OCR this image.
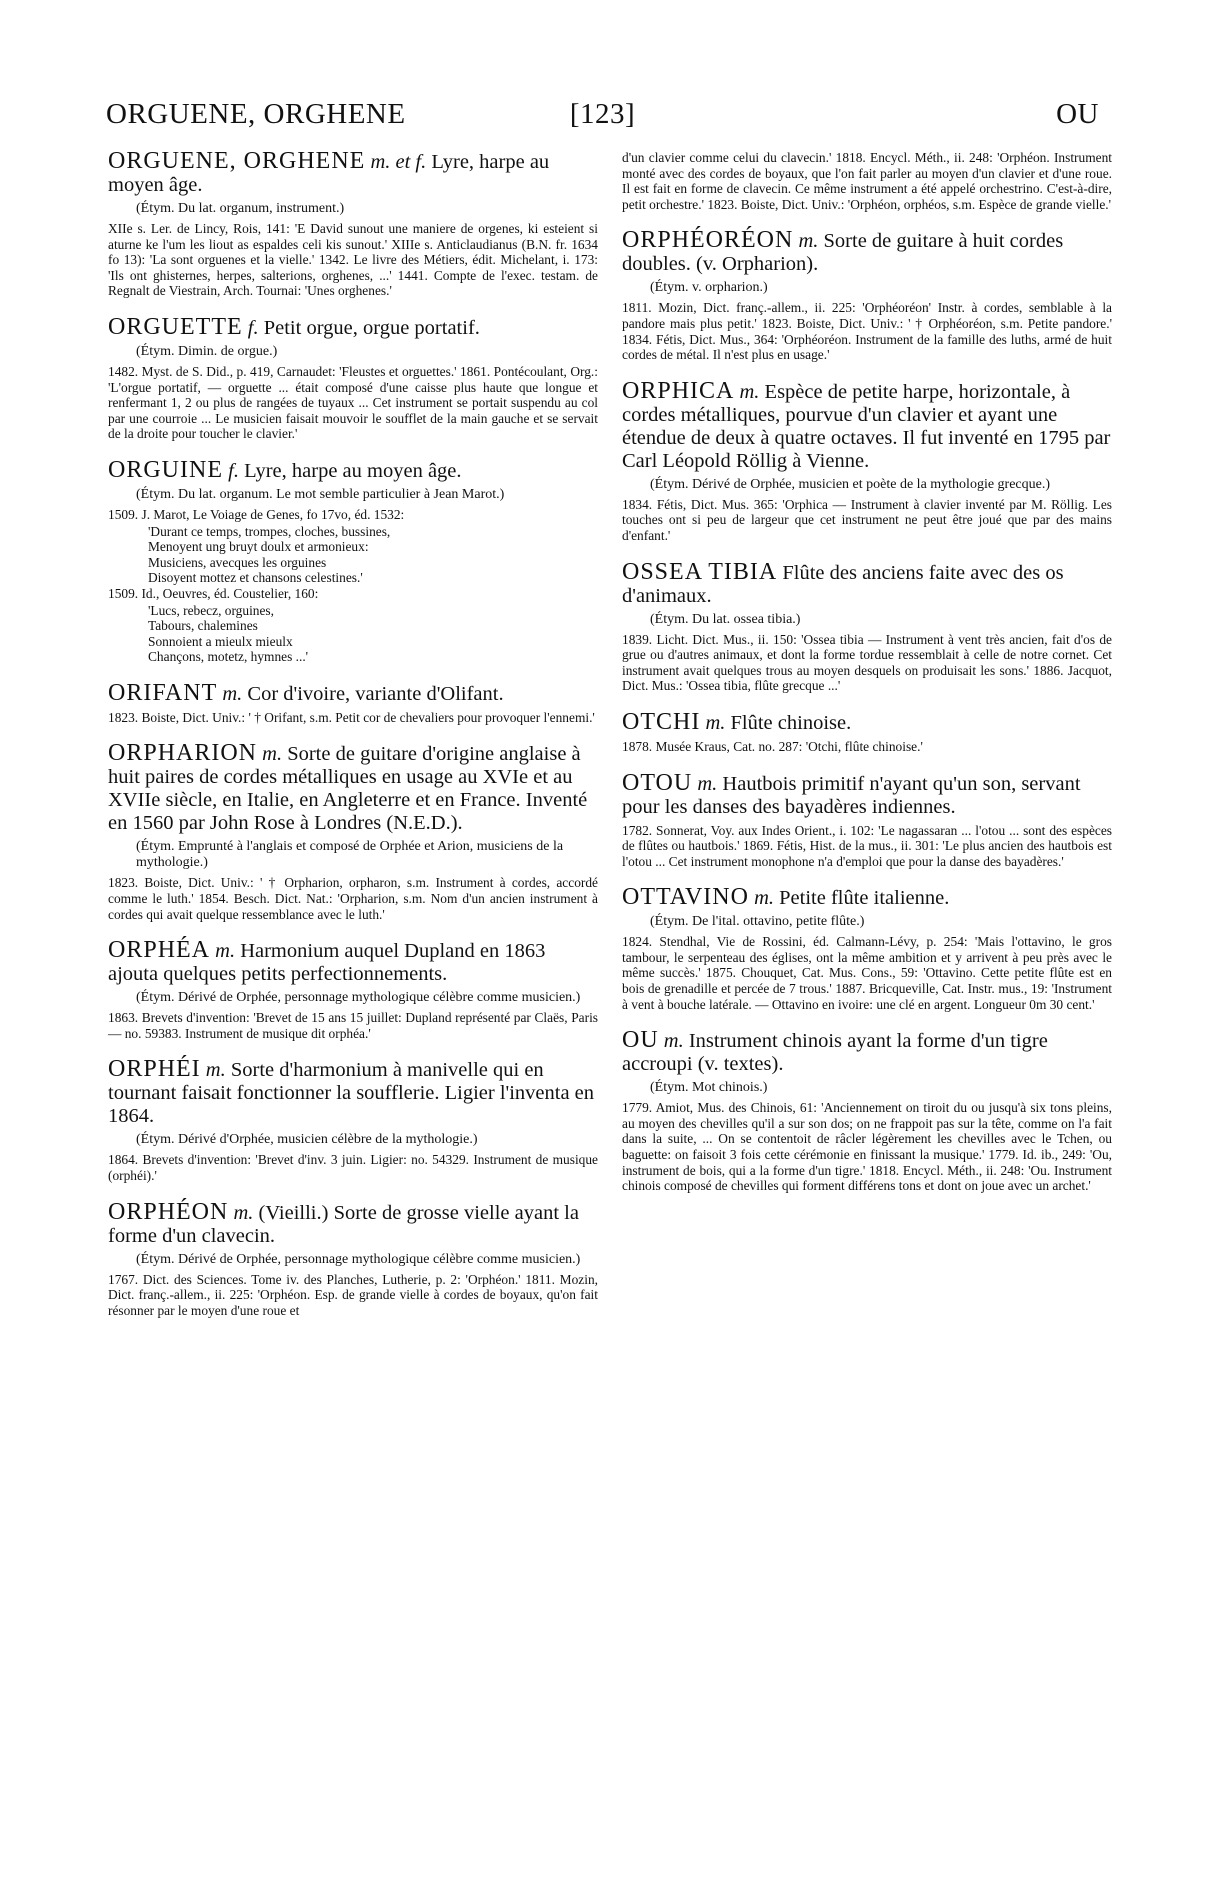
ORGUENE, ORGHENE	[123]	OU
ORGUENE, ORGHENE m. et f. Lyre, harpe au moyen âge.
(Étym. Du lat. organum, instrument.)
XIIe s. Ler. de Lincy, Rois, 141: 'E David sunout une maniere de orgenes, ki esteient si aturne ke l'um les liout as espaldes celi kis sunout.' XIIIe s. Anticlaudianus (B.N. fr. 1634 fo 13): 'La sont orguenes et la vielle.' 1342. Le livre des Métiers, édit. Michelant, i. 173: 'Ils ont ghisternes, herpes, salterions, orghenes, ...' 1441. Compte de l'exec. testam. de Regnalt de Viestrain, Arch. Tournai: 'Unes orghenes.'
ORGUETTE f. Petit orgue, orgue portatif.
(Étym. Dimin. de orgue.)
1482. Myst. de S. Did., p. 419, Carnaudet: 'Fleustes et orguettes.' 1861. Pontécoulant, Org.: 'L'orgue portatif, — orguette ... était composé d'une caisse plus haute que longue et renfermant 1, 2 ou plus de rangées de tuyaux ... Cet instrument se portait suspendu au col par une courroie ... Le musicien faisait mouvoir le soufflet de la main gauche et se servait de la droite pour toucher le clavier.'
ORGUINE f. Lyre, harpe au moyen âge.
(Étym. Du lat. organum. Le mot semble particulier à Jean Marot.)
1509. J. Marot, Le Voiage de Genes, fo 17vo, éd. 1532:
'Durant ce temps, trompes, cloches, bussines,
Menoyent ung bruyt doulx et armonieux:
Musiciens, avecques les orguines
Disoyent mottez et chansons celestines.'
1509. Id., Oeuvres, éd. Coustelier, 160:
'Lucs, rebecz, orguines,
Tabours, chalemines
Sonnoient a mieulx mieulx
Chançons, motetz, hymnes ...'
ORIFANT m. Cor d'ivoire, variante d'Olifant.
1823. Boiste, Dict. Univ.: ' † Orifant, s.m. Petit cor de chevaliers pour provoquer l'ennemi.'
ORPHARION m. Sorte de guitare d'origine anglaise à huit paires de cordes métalliques en usage au XVIe et au XVIIe siècle, en Italie, en Angleterre et en France. Inventé en 1560 par John Rose à Londres (N.E.D.).
(Étym. Emprunté à l'anglais et composé de Orphée et Arion, musiciens de la mythologie.)
1823. Boiste, Dict. Univ.: ' † Orpharion, orpharon, s.m. Instrument à cordes, accordé comme le luth.' 1854. Besch. Dict. Nat.: 'Orpharion, s.m. Nom d'un ancien instrument à cordes qui avait quelque ressemblance avec le luth.'
ORPHÉA m. Harmonium auquel Dupland en 1863 ajouta quelques petits perfectionnements.
(Étym. Dérivé de Orphée, personnage mythologique célèbre comme musicien.)
1863. Brevets d'invention: 'Brevet de 15 ans 15 juillet: Dupland représenté par Claës, Paris — no. 59383. Instrument de musique dit orphéa.'
ORPHÉI m. Sorte d'harmonium à manivelle qui en tournant faisait fonctionner la soufflerie. Ligier l'inventa en 1864.
(Étym. Dérivé d'Orphée, musicien célèbre de la mythologie.)
1864. Brevets d'invention: 'Brevet d'inv. 3 juin. Ligier: no. 54329. Instrument de musique (orphéi).'
ORPHÉON m. (Vieilli.) Sorte de grosse vielle ayant la forme d'un clavecin.
(Étym. Dérivé de Orphée, personnage mythologique célèbre comme musicien.)
1767. Dict. des Sciences. Tome iv. des Planches, Lutherie, p. 2: 'Orphéon.' 1811. Mozin, Dict. franç.-allem., ii. 225: 'Orphéon. Esp. de grande vielle à cordes de boyaux, qu'on fait résonner par le moyen d'une roue et
d'un clavier comme celui du clavecin.' 1818. Encycl. Méth., ii. 248: 'Orphéon. Instrument monté avec des cordes de boyaux, que l'on fait parler au moyen d'un clavier et d'une roue. Il est fait en forme de clavecin. Ce même instrument a été appelé orchestrino. C'est-à-dire, petit orchestre.' 1823. Boiste, Dict. Univ.: 'Orphéon, orphéos, s.m. Espèce de grande vielle.'
ORPHÉORÉON m. Sorte de guitare à huit cordes doubles. (v. Orpharion).
(Étym. v. orpharion.)
1811. Mozin, Dict. franç.-allem., ii. 225: 'Orphéoréon' Instr. à cordes, semblable à la pandore mais plus petit.' 1823. Boiste, Dict. Univ.: ' † Orphéoréon, s.m. Petite pandore.' 1834. Fétis, Dict. Mus., 364: 'Orphéoréon. Instrument de la famille des luths, armé de huit cordes de métal. Il n'est plus en usage.'
ORPHICA m. Espèce de petite harpe, horizontale, à cordes métalliques, pourvue d'un clavier et ayant une étendue de deux à quatre octaves. Il fut inventé en 1795 par Carl Léopold Röllig à Vienne.
(Étym. Dérivé de Orphée, musicien et poète de la mythologie grecque.)
1834. Fétis, Dict. Mus. 365: 'Orphica — Instrument à clavier inventé par M. Röllig. Les touches ont si peu de largeur que cet instrument ne peut être joué que par des mains d'enfant.'
OSSEA TIBIA Flûte des anciens faite avec des os d'animaux.
(Étym. Du lat. ossea tibia.)
1839. Licht. Dict. Mus., ii. 150: 'Ossea tibia — Instrument à vent très ancien, fait d'os de grue ou d'autres animaux, et dont la forme tordue ressemblait à celle de notre cornet. Cet instrument avait quelques trous au moyen desquels on produisait les sons.' 1886. Jacquot, Dict. Mus.: 'Ossea tibia, flûte grecque ...'
OTCHI m. Flûte chinoise.
1878. Musée Kraus, Cat. no. 287: 'Otchi, flûte chinoise.'
OTOU m. Hautbois primitif n'ayant qu'un son, servant pour les danses des bayadères indiennes.
1782. Sonnerat, Voy. aux Indes Orient., i. 102: 'Le nagassaran ... l'otou ... sont des espèces de flûtes ou hautbois.' 1869. Fétis, Hist. de la mus., ii. 301: 'Le plus ancien des hautbois est l'otou ... Cet instrument monophone n'a d'emploi que pour la danse des bayadères.'
OTTAVINO m. Petite flûte italienne.
(Étym. De l'ital. ottavino, petite flûte.)
1824. Stendhal, Vie de Rossini, éd. Calmann-Lévy, p. 254: 'Mais l'ottavino, le gros tambour, le serpenteau des églises, ont la même ambition et y arrivent à peu près avec le même succès.' 1875. Chouquet, Cat. Mus. Cons., 59: 'Ottavino. Cette petite flûte est en bois de grenadille et percée de 7 trous.' 1887. Bricqueville, Cat. Instr. mus., 19: 'Instrument à vent à bouche latérale. — Ottavino en ivoire: une clé en argent. Longueur 0m 30 cent.'
OU m. Instrument chinois ayant la forme d'un tigre accroupi (v. textes).
(Étym. Mot chinois.)
1779. Amiot, Mus. des Chinois, 61: 'Anciennement on tiroit du ou jusqu'à six tons pleins, au moyen des chevilles qu'il a sur son dos; on ne frappoit pas sur la tête, comme on l'a fait dans la suite, ... On se contentoit de râcler légèrement les chevilles avec le Tchen, ou baguette: on faisoit 3 fois cette cérémonie en finissant la musique.' 1779. Id. ib., 249: 'Ou, instrument de bois, qui a la forme d'un tigre.' 1818. Encycl. Méth., ii. 248: 'Ou. Instrument chinois composé de chevilles qui forment différens tons et dont on joue avec un archet.'
